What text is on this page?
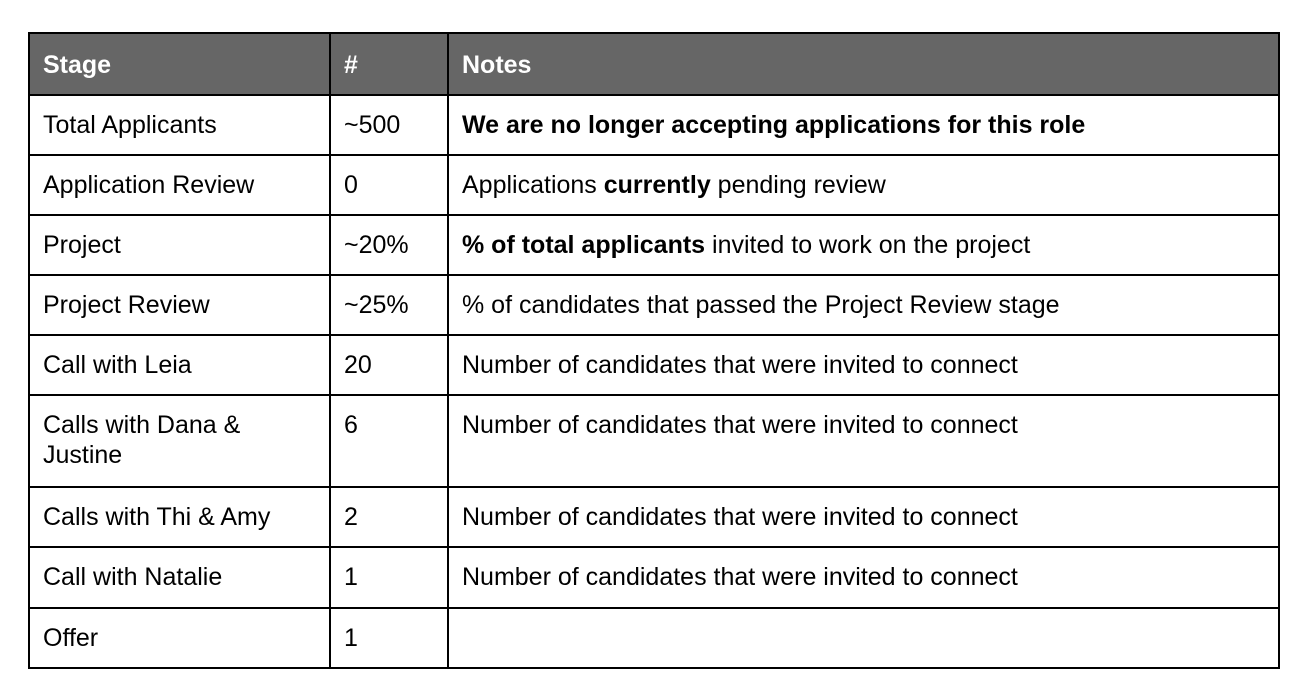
Stage	#	Notes
Total Applicants	~500	We are no longer accepting applications for this role
Application Review	0	Applications currently pending review
Project	~20%	% of total applicants invited to work on the project
Project Review	~25%	% of candidates that passed the Project Review stage
Call with Leia	20	Number of candidates that were invited to connect
Calls with Dana & Justine	6	Number of candidates that were invited to connect
Calls with Thi & Amy	2	Number of candidates that were invited to connect
Call with Natalie	1	Number of candidates that were invited to connect
Offer	1	
